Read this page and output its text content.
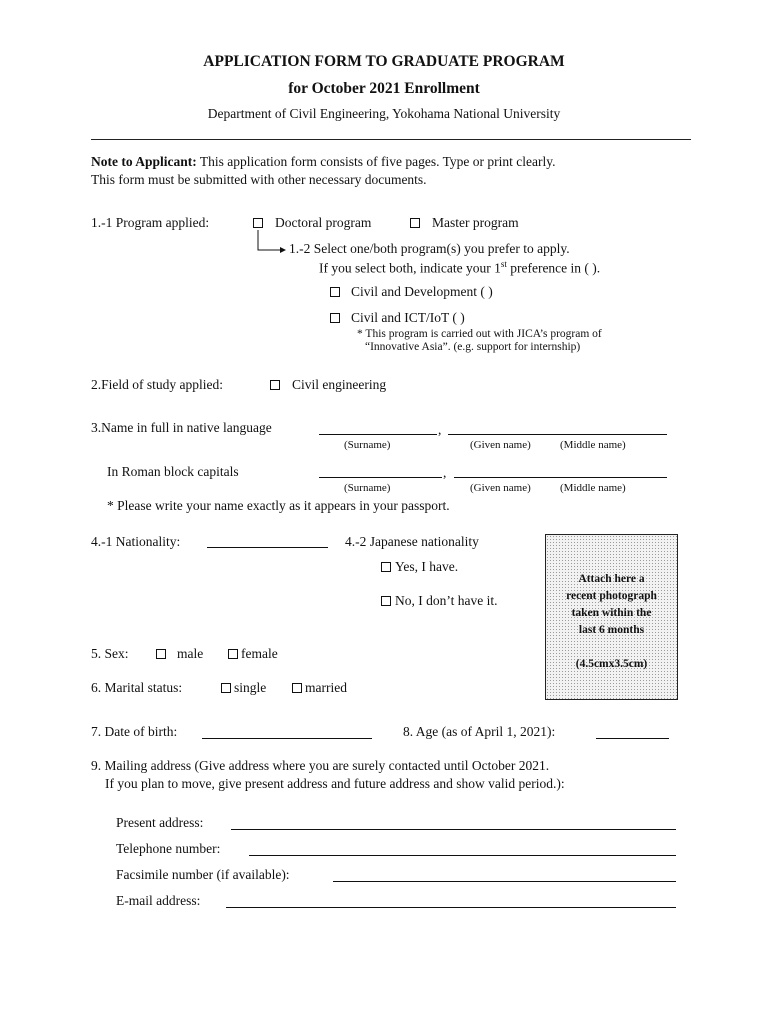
APPLICATION FORM TO GRADUATE PROGRAM
for October 2021 Enrollment
Department of Civil Engineering, Yokohama National University
Note to Applicant: This application form consists of five pages. Type or print clearly.
This form must be submitted with other necessary documents.
1.-1 Program applied:	Doctoral program	Master program
1.-2 Select one/both program(s) you prefer to apply.
If you select both, indicate your 1st preference in ( ).
Civil and Development ( )
Civil and ICT/IoT ( )
* This program is carried out with JICA’s program of
“Innovative Asia”. (e.g. support for internship)
2.Field of study applied:	Civil engineering
3.Name in full in native language	,
(Surname)	(Given name)	(Middle name)
In Roman block capitals	,
(Surname)	(Given name)	(Middle name)
* Please write your name exactly as it appears in your passport.
4.-1 Nationality:	4.-2 Japanese nationality
Yes, I have.
No, I don’t have it.
Attach here a
recent photograph
taken within the
last 6 months
(4.5cmx3.5cm)
5. Sex:	male	female
6. Marital status:	single	married
7. Date of birth:	8. Age (as of April 1, 2021):
9. Mailing address (Give address where you are surely contacted until October 2021.
If you plan to move, give present address and future address and show valid period.):
Present address:
Telephone number:
Facsimile number (if available):
E-mail address:
